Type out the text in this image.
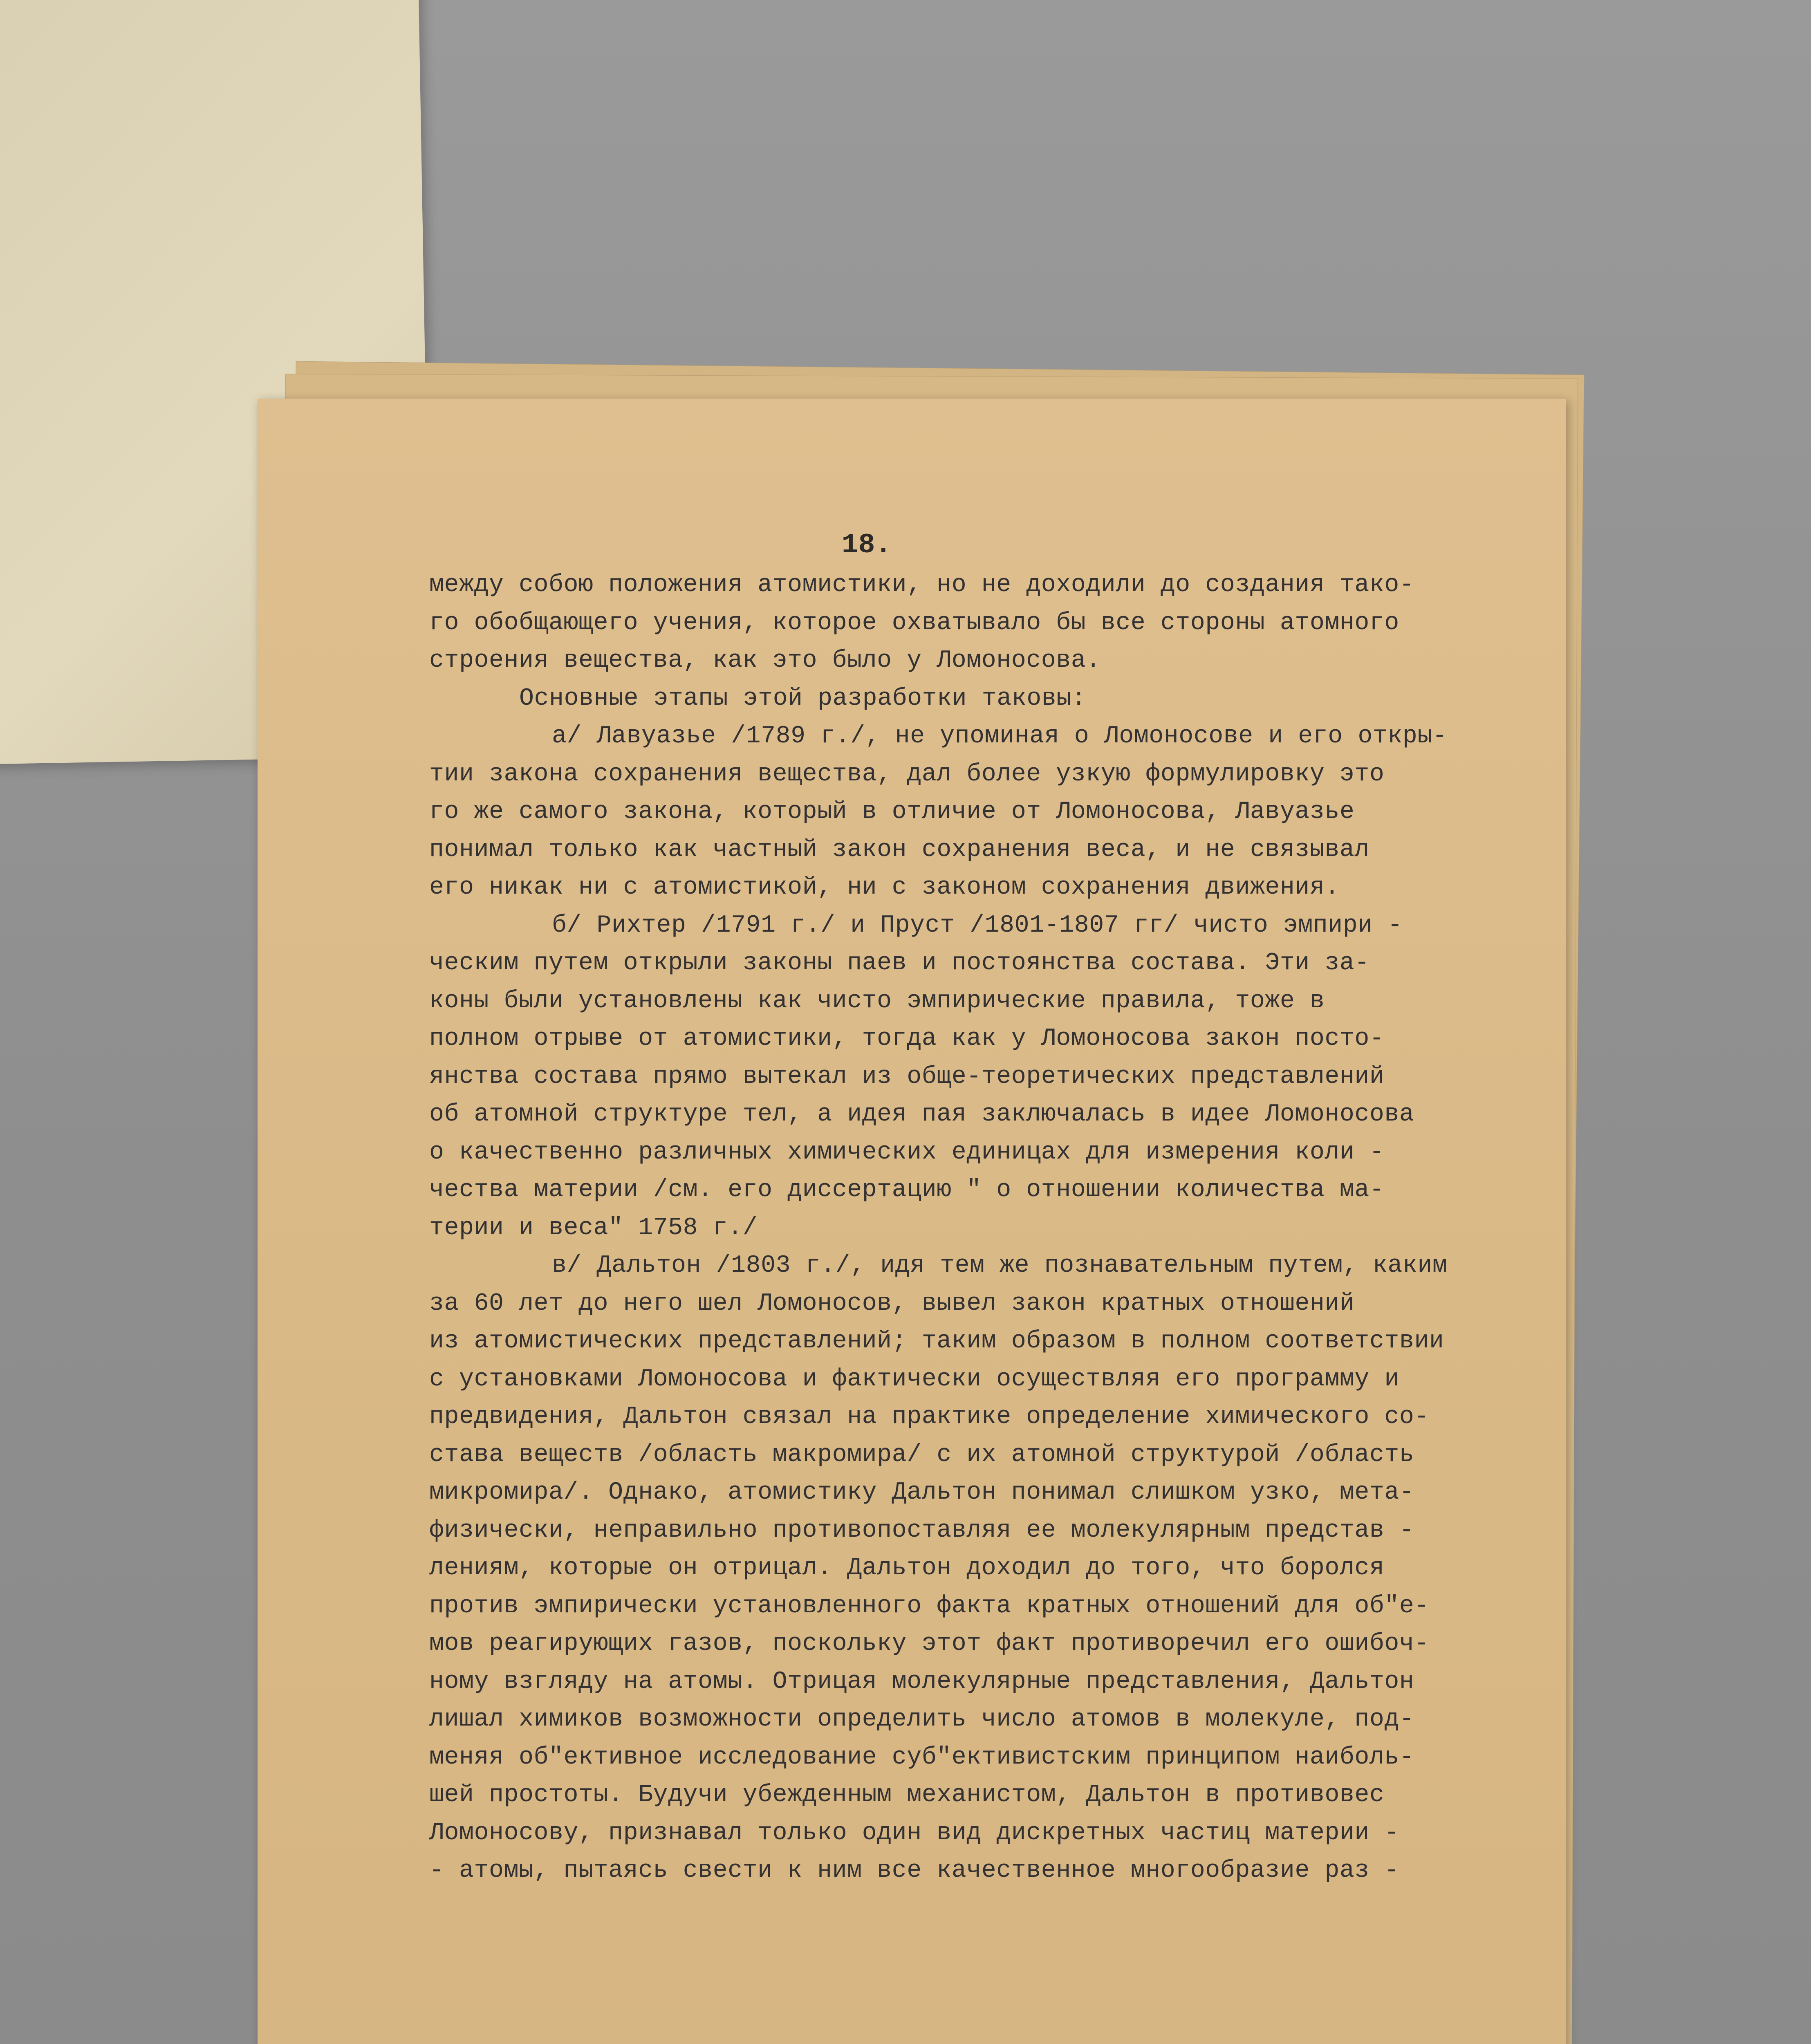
18.
между собою положения атомистики, но не доходили до создания тако-
го обобщающего учения, которое охватывало бы все стороны атомного
строения вещества, как это было у Ломоносова.
Основные этапы этой разработки таковы:
а/ Лавуазье /1789 г./, не упоминая о Ломоносове и его откры-
тии закона сохранения вещества, дал более узкую формулировку это
го же самого закона, который в отличие от Ломоносова, Лавуазье
понимал только как частный закон сохранения веса, и не связывал
его никак ни с атомистикой, ни с законом сохранения движения.
б/ Рихтер /1791 г./ и Пруст /1801-1807 гг/ чисто эмпири -
ческим путем открыли законы паев и постоянства состава. Эти за-
коны были установлены как чисто эмпирические правила, тоже в
полном отрыве от атомистики, тогда как у Ломоносова закон посто-
янства состава прямо вытекал из обще-теоретических представлений
об атомной структуре тел, а идея пая заключалась в идее Ломоносова
о качественно различных химических единицах для измерения коли -
чества материи /см. его диссертацию " о отношении количества ма-
терии и веса" 1758 г./
в/ Дальтон /1803 г./, идя тем же познавательным путем, каким
за 60 лет до него шел Ломоносов, вывел закон кратных отношений
из атомистических представлений; таким образом в полном соответствии
с установками Ломоносова и фактически осуществляя его программу и
предвидения, Дальтон связал на практике определение химического со-
става веществ /область макромира/ с их атомной структурой /область
микромира/. Однако, атомистику Дальтон понимал слишком узко, мета-
физически, неправильно противопоставляя ее молекулярным представ -
лениям, которые он отрицал. Дальтон доходил до того, что боролся
против эмпирически установленного факта кратных отношений для об"е-
мов реагирующих газов, поскольку этот факт противоречил его ошибоч-
ному взгляду на атомы. Отрицая молекулярные представления, Дальтон
лишал химиков возможности определить число атомов в молекуле, под-
меняя об"ективное исследование суб"ективистским принципом наиболь-
шей простоты. Будучи убежденным механистом, Дальтон в противовес
Ломоносову, признавал только один вид дискретных частиц материи -
- атомы, пытаясь свести к ним все качественное многообразие раз -
